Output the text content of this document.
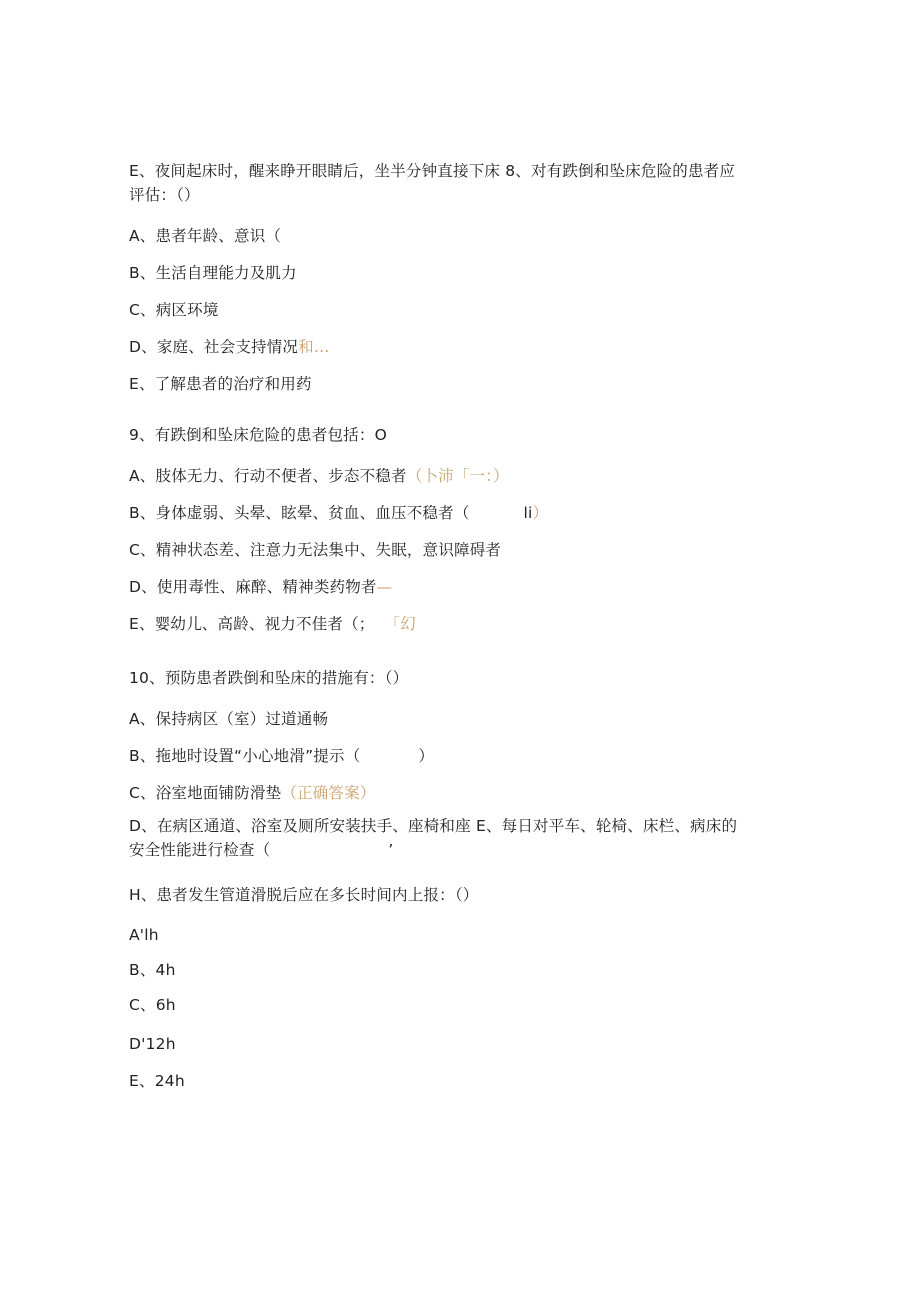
E、夜间起床时，醒来睁开眼睛后，坐半分钟直接下床 8、对有跌倒和坠床危险的患者应
评估：（）
A、患者年龄、意识（
B、生活自理能力及肌力
C、病区环境
D、家庭、社会支持情况和…
E、了解患者的治疗和用药
9、有跌倒和坠床危险的患者包括：O
A、肢体无力、行动不便者、步态不稳者（卜沛「一：）
B、身体虚弱、头晕、眩晕、贫血、血压不稳者（	li）
C、精神状态差、注意力无法集中、失眠，意识障碍者
D、使用毒性、麻醉、精神类药物者—
E、婴幼儿、高龄、视力不佳者（； 「幻
10、预防患者跌倒和坠床的措施有：（）
A、保持病区（室）过道通畅
B、拖地时设置“小心地滑”提示（	）
C、浴室地面铺防滑垫（正确答案）
D、在病区通道、浴室及厕所安装扶手、座椅和座 E、每日对平车、轮椅、床栏、病床的
安全性能进行检查（	’
H、患者发生管道滑脱后应在多长时间内上报：（）
A'lh
B、4h
C、6h
D'12h
E、24h
